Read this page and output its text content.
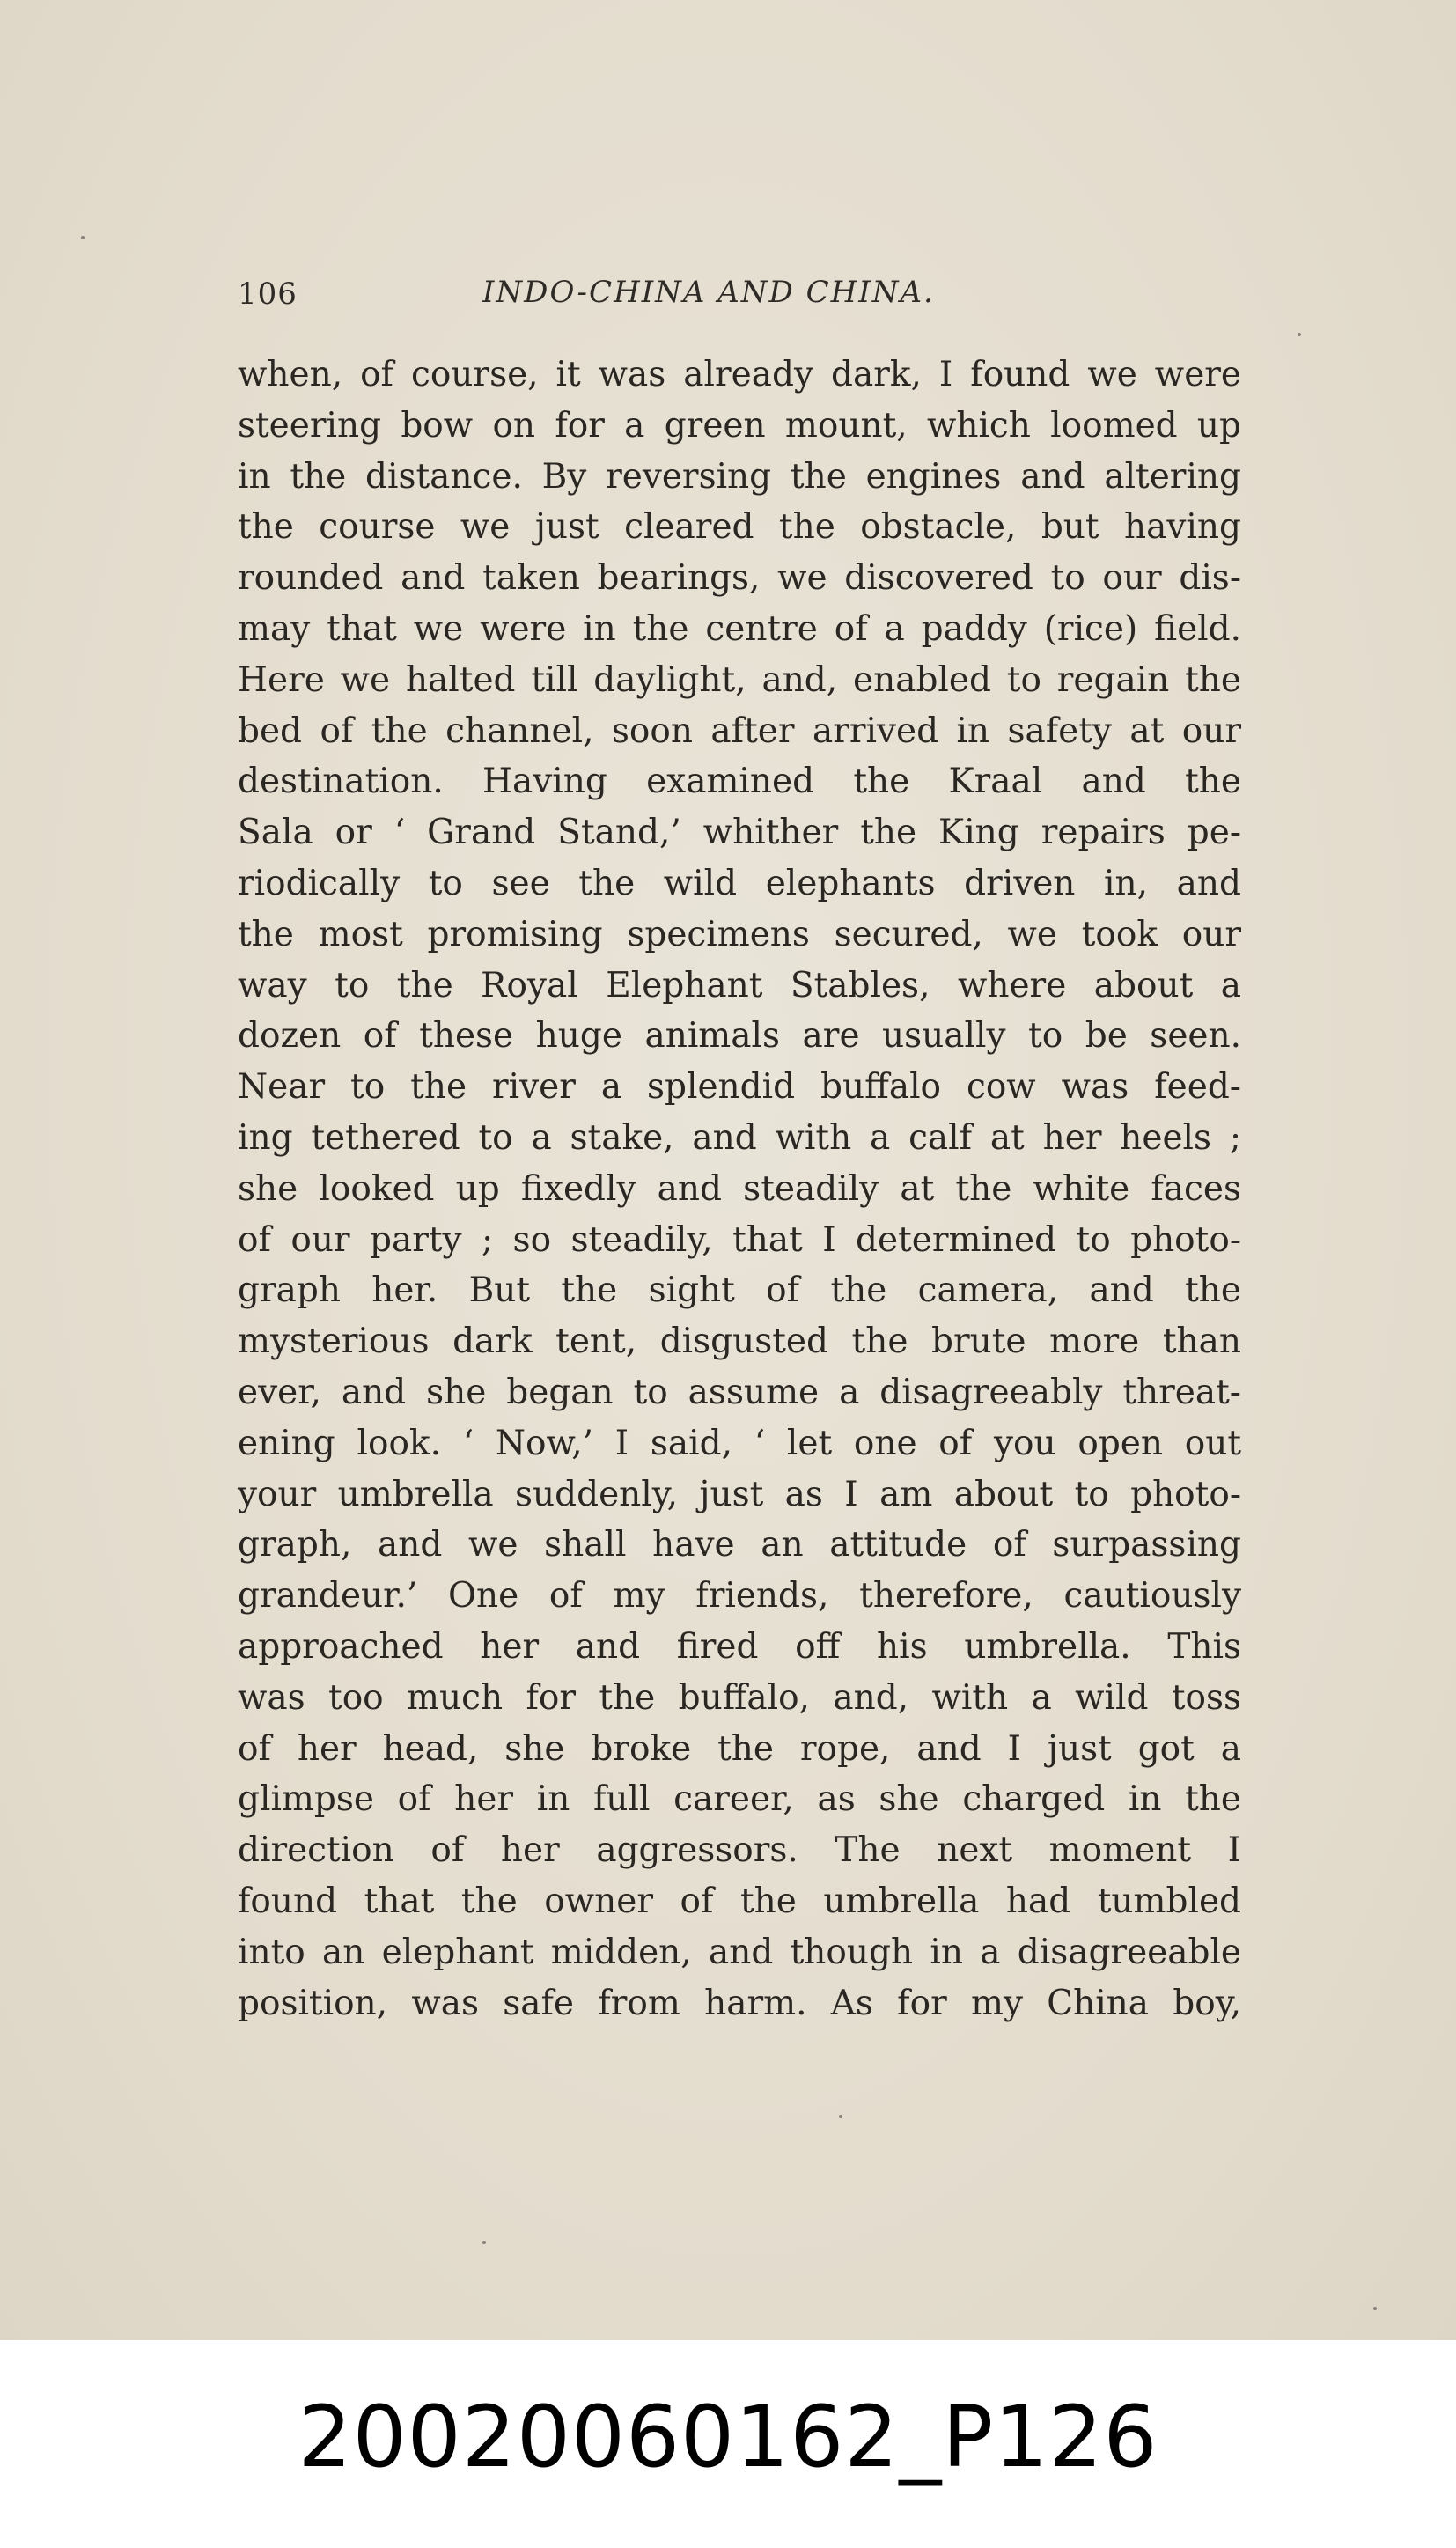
106	INDO-CHINA AND CHINA.
when, of course, it was already dark, I found we were
steering bow on for a green mount, which loomed up
in the distance. By reversing the engines and altering
the course we just cleared the obstacle, but having
rounded and taken bearings, we discovered to our dis-
may that we were in the centre of a paddy (rice) field.
Here we halted till daylight, and, enabled to regain the
bed of the channel, soon after arrived in safety at our
destination. Having examined the Kraal and the
Sala or ‘ Grand Stand,’ whither the King repairs pe-
riodically to see the wild elephants driven in, and
the most promising specimens secured, we took our
way to the Royal Elephant Stables, where about a
dozen of these huge animals are usually to be seen.
Near to the river a splendid buffalo cow was feed-
ing tethered to a stake, and with a calf at her heels ;
she looked up fixedly and steadily at the white faces
of our party ; so steadily, that I determined to photo-
graph her. But the sight of the camera, and the
mysterious dark tent, disgusted the brute more than
ever, and she began to assume a disagreeably threat-
ening look. ‘ Now,’ I said, ‘ let one of you open out
your umbrella suddenly, just as I am about to photo-
graph, and we shall have an attitude of surpassing
grandeur.’ One of my friends, therefore, cautiously
approached her and fired off his umbrella. This
was too much for the buffalo, and, with a wild toss
of her head, she broke the rope, and I just got a
glimpse of her in full career, as she charged in the
direction of her aggressors. The next moment I
found that the owner of the umbrella had tumbled
into an elephant midden, and though in a disagreeable
position, was safe from harm. As for my China boy,
20020060162_P126
